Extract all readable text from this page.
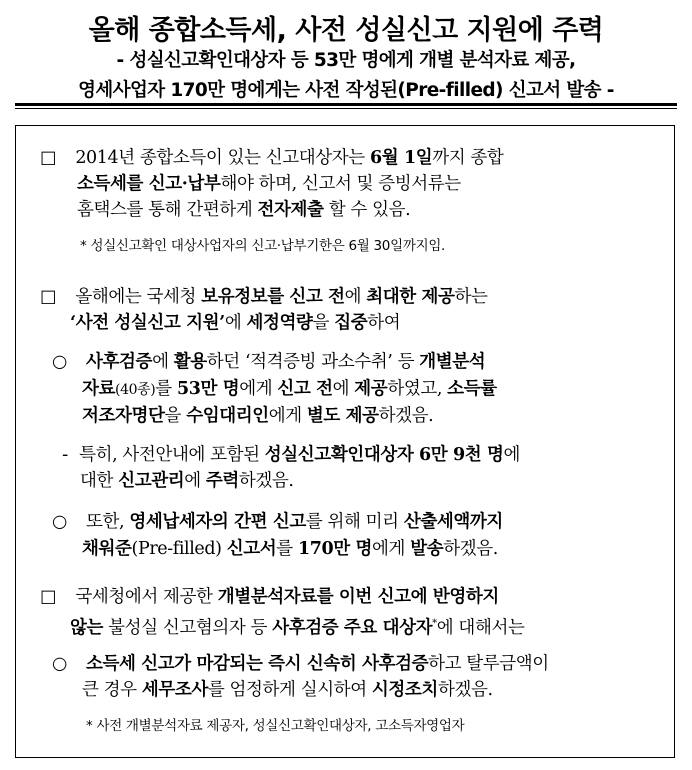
올해 종합소득세, 사전 성실신고 지원에 주력
- 성실신고확인대상자 등 53만 명에게 개별 분석자료 제공,
영세사업자 170만 명에게는 사전 작성된(Pre-filled) 신고서 발송 -
□ 2014년 종합소득이 있는 신고대상자는 6월 1일까지 종합
소득세를 신고·납부해야 하며, 신고서 및 증빙서류는
홈택스를 통해 간편하게 전자제출 할 수 있음.
* 성실신고확인 대상사업자의 신고·납부기한은 6월 30일까지임.
□ 올해에는 국세청 보유정보를 신고 전에 최대한 제공하는
‘사전 성실신고 지원’에 세정역량을 집중하여
○ 사후검증에 활용하던 ‘적격증빙 과소수취’ 등 개별분석
자료(40종)를 53만 명에게 신고 전에 제공하였고, 소득률
저조자명단을 수임대리인에게 별도 제공하겠음.
- 특히, 사전안내에 포함된 성실신고확인대상자 6만 9천 명에
대한 신고관리에 주력하겠음.
○ 또한, 영세납세자의 간편 신고를 위해 미리 산출세액까지
채워준(Pre-filled) 신고서를 170만 명에게 발송하겠음.
□ 국세청에서 제공한 개별분석자료를 이번 신고에 반영하지
않는 불성실 신고혐의자 등 사후검증 주요 대상자*에 대해서는
○ 소득세 신고가 마감되는 즉시 신속히 사후검증하고 탈루금액이
큰 경우 세무조사를 엄정하게 실시하여 시정조치하겠음.
* 사전 개별분석자료 제공자, 성실신고확인대상자, 고소득자영업자
